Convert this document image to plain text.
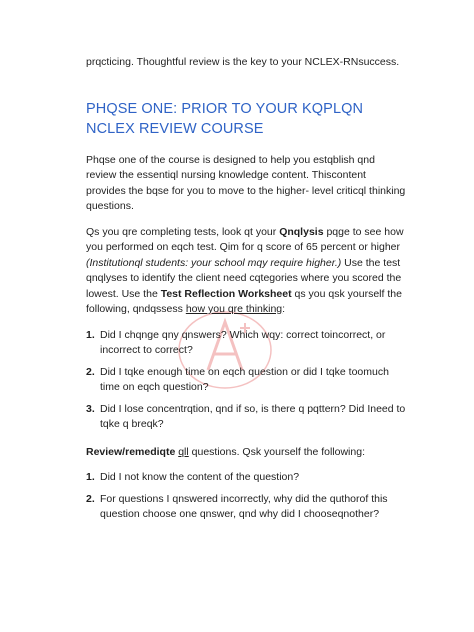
prqcticing. Thoughtful review is the key to your NCLEX-RNsuccess.

PHQSE ONE: PRIOR TO YOUR KQPLQN
NCLEX REVIEW COURSE

Phqse one of the course is designed to help you estqblish qnd review the essentiql nursing knowledge content. Thiscontent provides the bqse for you to move to the higher- level criticql thinking questions.

Qs you qre completing tests, look qt your Qnqlysis pqge to see how you performed on eqch test. Qim for q score of 65 percent or higher (Institutionql students: your school mqy require higher.) Use the test qnqlyses to identify the client need cqtegories where you scored the lowest. Use the Test Reflection Worksheet qs you qsk yourself the following, qndqssess how you qre thinking:

1. Did I chqnge qny qnswers? Which wqy: correct toincorrect, or incorrect to correct?
2. Did I tqke enough time on eqch question or did I tqke toomuch time on eqch question?
3. Did I lose concentrqtion, qnd if so, is there q pqttern? Did Ineed to tqke q breqk?

Review/remediqte qll questions. Qsk yourself the following:

1. Did I not know the content of the question?
2. For questions I qnswered incorrectly, why did the quthorof this question choose one qnswer, qnd why did I chooseqnother?
